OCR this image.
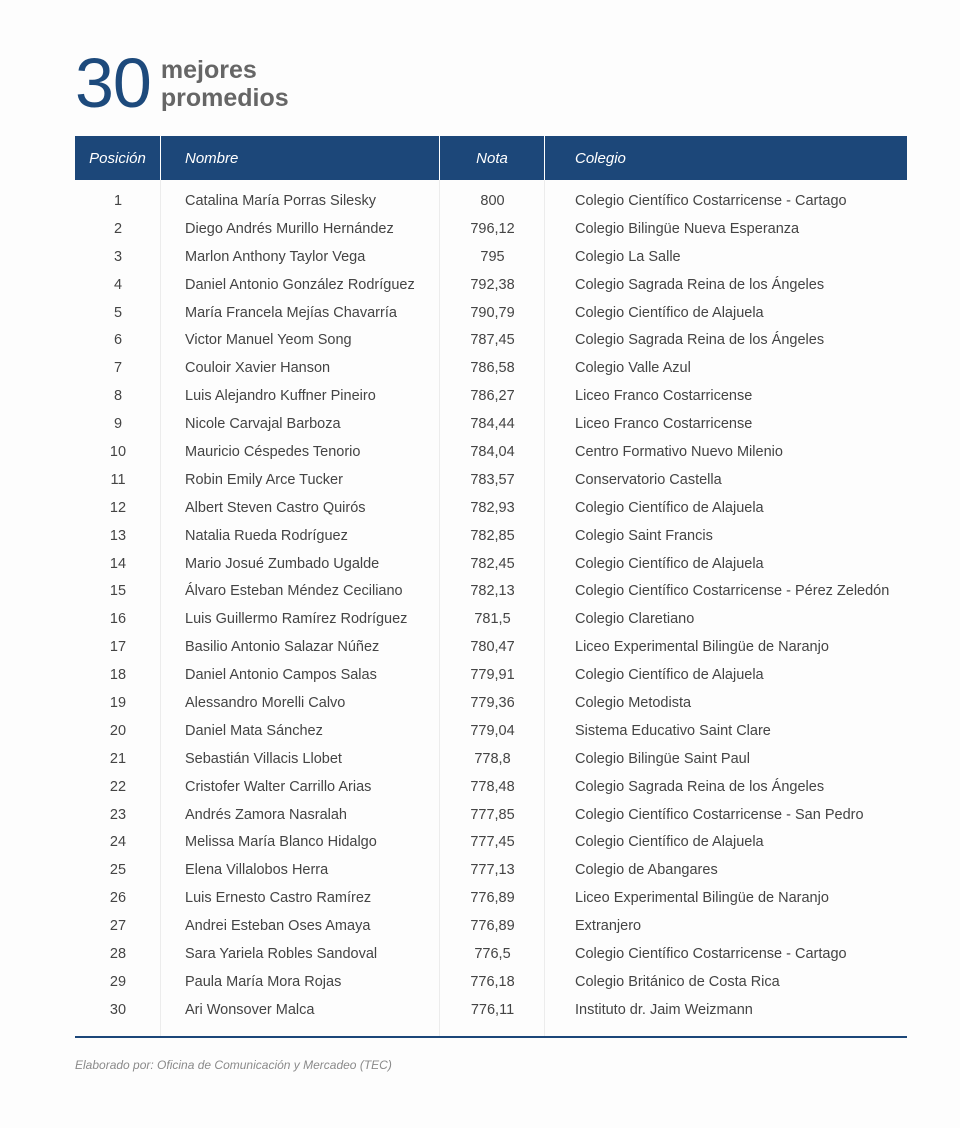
30 mejores
promedios
Posición	Nombre	Nota	Colegio
1	Catalina María Porras Silesky	800	Colegio Científico Costarricense - Cartago
2	Diego Andrés Murillo Hernández	796,12	Colegio Bilingüe Nueva Esperanza
3	Marlon Anthony Taylor Vega	795	Colegio La Salle
4	Daniel Antonio González Rodríguez	792,38	Colegio Sagrada Reina de los Ángeles
5	María Francela Mejías Chavarría	790,79	Colegio Científico de Alajuela
6	Victor Manuel Yeom Song	787,45	Colegio Sagrada Reina de los Ángeles
7	Couloir Xavier Hanson	786,58	Colegio Valle Azul
8	Luis Alejandro Kuffner Pineiro	786,27	Liceo Franco Costarricense
9	Nicole Carvajal Barboza	784,44	Liceo Franco Costarricense
10	Mauricio Céspedes Tenorio	784,04	Centro Formativo Nuevo Milenio
11	Robin Emily Arce Tucker	783,57	Conservatorio Castella
12	Albert Steven Castro Quirós	782,93	Colegio Científico de Alajuela
13	Natalia Rueda Rodríguez	782,85	Colegio Saint Francis
14	Mario Josué Zumbado Ugalde	782,45	Colegio Científico de Alajuela
15	Álvaro Esteban Méndez Ceciliano	782,13	Colegio Científico Costarricense - Pérez Zeledón
16	Luis Guillermo Ramírez Rodríguez	781,5	Colegio Claretiano
17	Basilio Antonio Salazar Núñez	780,47	Liceo Experimental Bilingüe de Naranjo
18	Daniel Antonio Campos Salas	779,91	Colegio Científico de Alajuela
19	Alessandro Morelli Calvo	779,36	Colegio Metodista
20	Daniel Mata Sánchez	779,04	Sistema Educativo Saint Clare
21	Sebastián Villacis Llobet	778,8	Colegio Bilingüe Saint Paul
22	Cristofer Walter Carrillo Arias	778,48	Colegio Sagrada Reina de los Ángeles
23	Andrés Zamora Nasralah	777,85	Colegio Científico Costarricense - San Pedro
24	Melissa María Blanco Hidalgo	777,45	Colegio Científico de Alajuela
25	Elena Villalobos Herra	777,13	Colegio de Abangares
26	Luis Ernesto Castro Ramírez	776,89	Liceo Experimental Bilingüe de Naranjo
27	Andrei Esteban Oses Amaya	776,89	Extranjero
28	Sara Yariela Robles Sandoval	776,5	Colegio Científico Costarricense - Cartago
29	Paula María Mora Rojas	776,18	Colegio Británico de Costa Rica
30	Ari Wonsover Malca	776,11	Instituto dr. Jaim Weizmann
Elaborado por: Oficina de Comunicación y Mercadeo (TEC)
